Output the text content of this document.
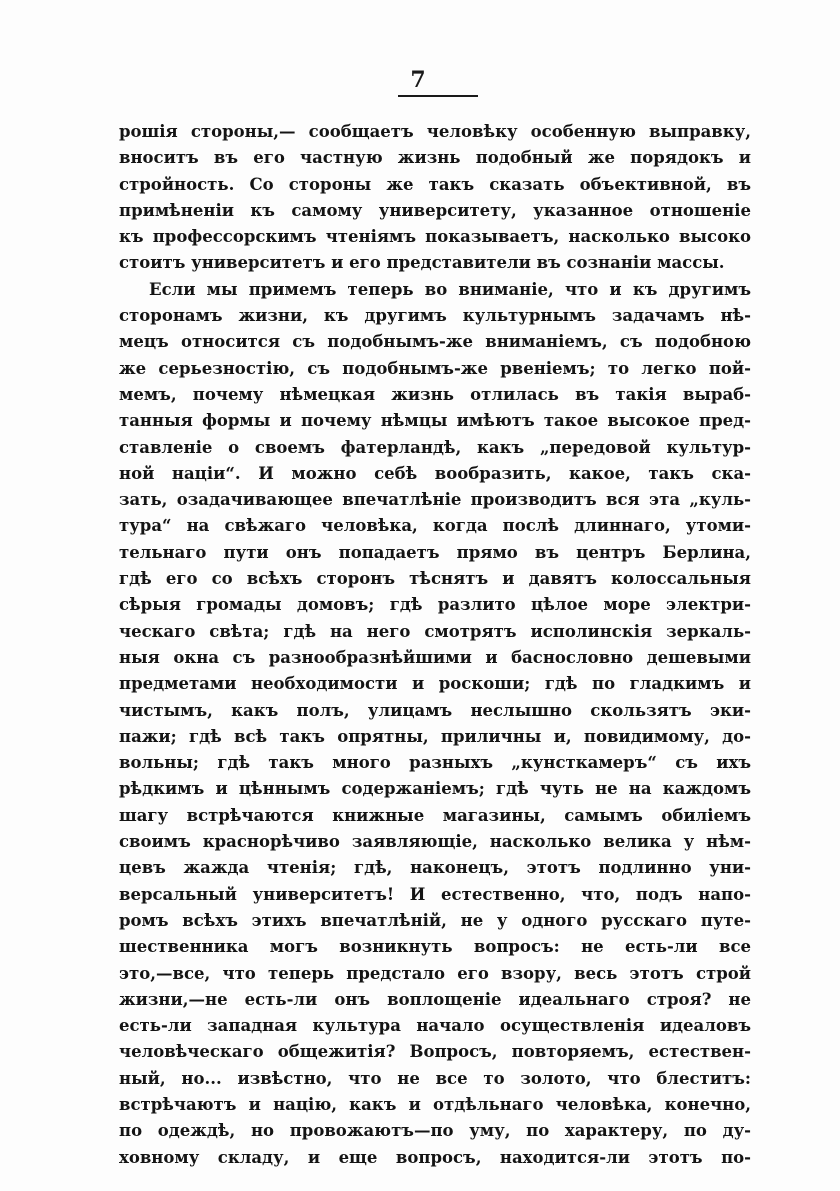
7
рошія стороны,— сообщаетъ человѣку особенную выправку,
вноситъ въ его частную жизнь подобный же порядокъ и
стройность. Со стороны же такъ сказать объективной, въ
примѣненіи къ самому университету, указанное отношеніе
къ профессорскимъ чтеніямъ показываетъ, насколько высоко
стоитъ университетъ и его представители въ сознаніи массы.
Если мы примемъ теперь во вниманіе, что и къ другимъ
сторонамъ жизни, къ другимъ культурнымъ задачамъ нѣ-
мецъ относится съ подобнымъ-же вниманіемъ, съ подобною
же серьезностію, съ подобнымъ-же рвеніемъ; то легко пой-
мемъ, почему нѣмецкая жизнь отлилась въ такія выраб-
танныя формы и почему нѣмцы имѣютъ такое высокое пред-
ставленіе о своемъ фатерландѣ, какъ „передовой культур-
ной націи“. И можно себѣ вообразить, какое, такъ ска-
зать, озадачивающее впечатлѣніе производитъ вся эта „куль-
тура“ на свѣжаго человѣка, когда послѣ длиннаго, утоми-
тельнаго пути онъ попадаетъ прямо въ центръ Берлина,
гдѣ его со всѣхъ сторонъ тѣснятъ и давятъ колоссальныя
сѣрыя громады домовъ; гдѣ разлито цѣлое море электри-
ческаго свѣта; гдѣ на него смотрятъ исполинскія зеркаль-
ныя окна съ разнообразнѣйшими и баснословно дешевыми
предметами необходимости и роскоши; гдѣ по гладкимъ и
чистымъ, какъ полъ, улицамъ неслышно скользятъ эки-
пажи; гдѣ всѣ такъ опрятны, приличны и, повидимому, до-
вольны; гдѣ такъ много разныхъ „кунсткамеръ“ съ ихъ
рѣдкимъ и цѣннымъ содержаніемъ; гдѣ чуть не на каждомъ
шагу встрѣчаются книжные магазины, самымъ обиліемъ
своимъ краснорѣчиво заявляющіе, насколько велика у нѣм-
цевъ жажда чтенія; гдѣ, наконецъ, этотъ подлинно уни-
версальный университетъ! И естественно, что, подъ напо-
ромъ всѣхъ этихъ впечатлѣній, не у одного русскаго путе-
шественника могъ возникнуть вопросъ: не есть-ли все
это,—все, что теперь предстало его взору, весь этотъ строй
жизни,—не есть-ли онъ воплощеніе идеальнаго строя? не
есть-ли западная культура начало осуществленія идеаловъ
человѣческаго общежитія? Вопросъ, повторяемъ, естествен-
ный, но... извѣстно, что не все то золото, что блеститъ:
встрѣчаютъ и націю, какъ и отдѣльнаго человѣка, конечно,
по одеждѣ, но провожаютъ—по уму, по характеру, по ду-
ховному складу, и еще вопросъ, находится-ли этотъ по-
